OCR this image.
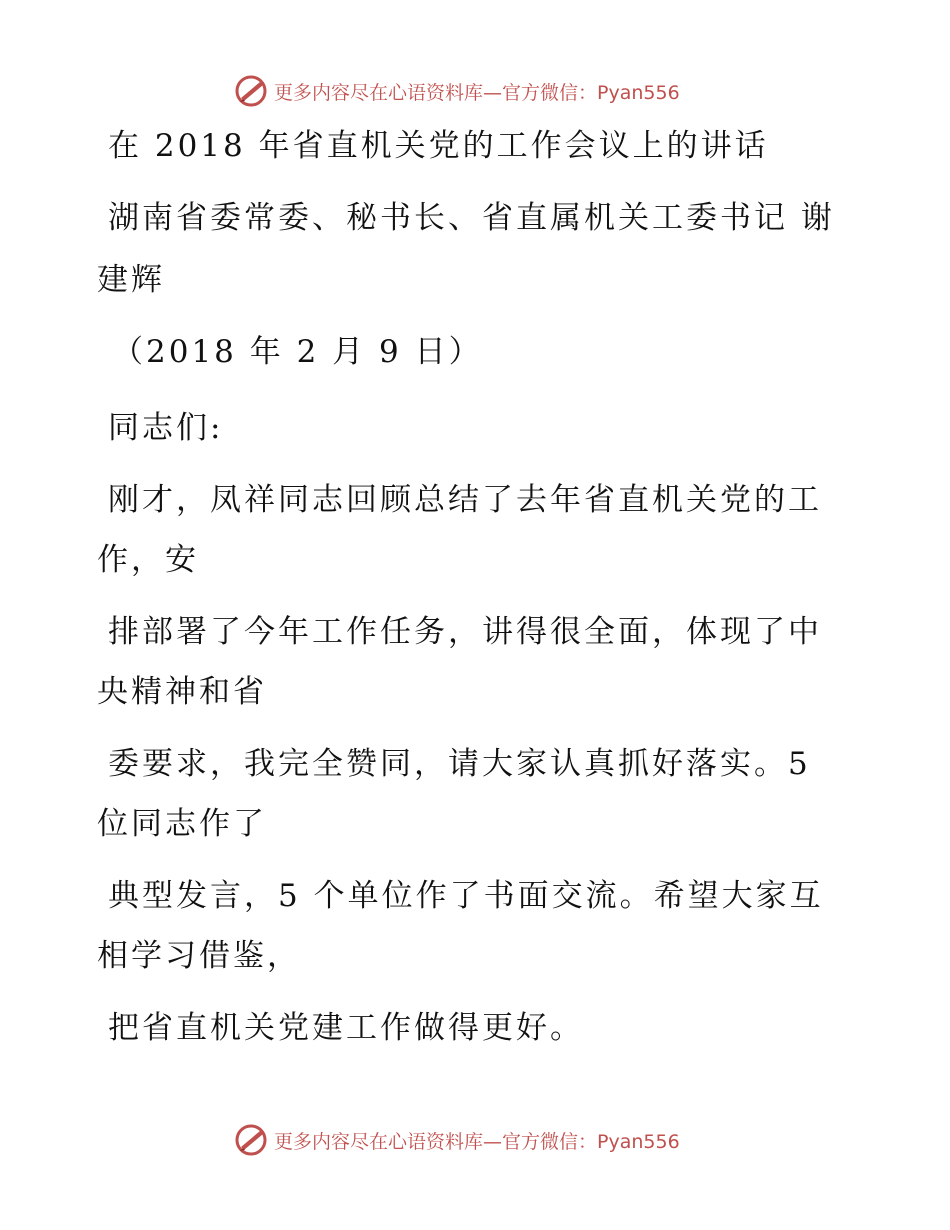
更多内容尽在心语资料库—官方微信：Pyan556

在 2018 年省直机关党的工作会议上的讲话

湖南省委常委、秘书长、省直属机关工委书记 谢

建辉

（2018 年 2 月 9 日）

同志们:

刚才，凤祥同志回顾总结了去年省直机关党的工

作，安

排部署了今年工作任务，讲得很全面，体现了中

央精神和省

委要求，我完全赞同，请大家认真抓好落实。5

位同志作了

典型发言，5 个单位作了书面交流。希望大家互

相学习借鉴，

把省直机关党建工作做得更好。

更多内容尽在心语资料库—官方微信：Pyan556
